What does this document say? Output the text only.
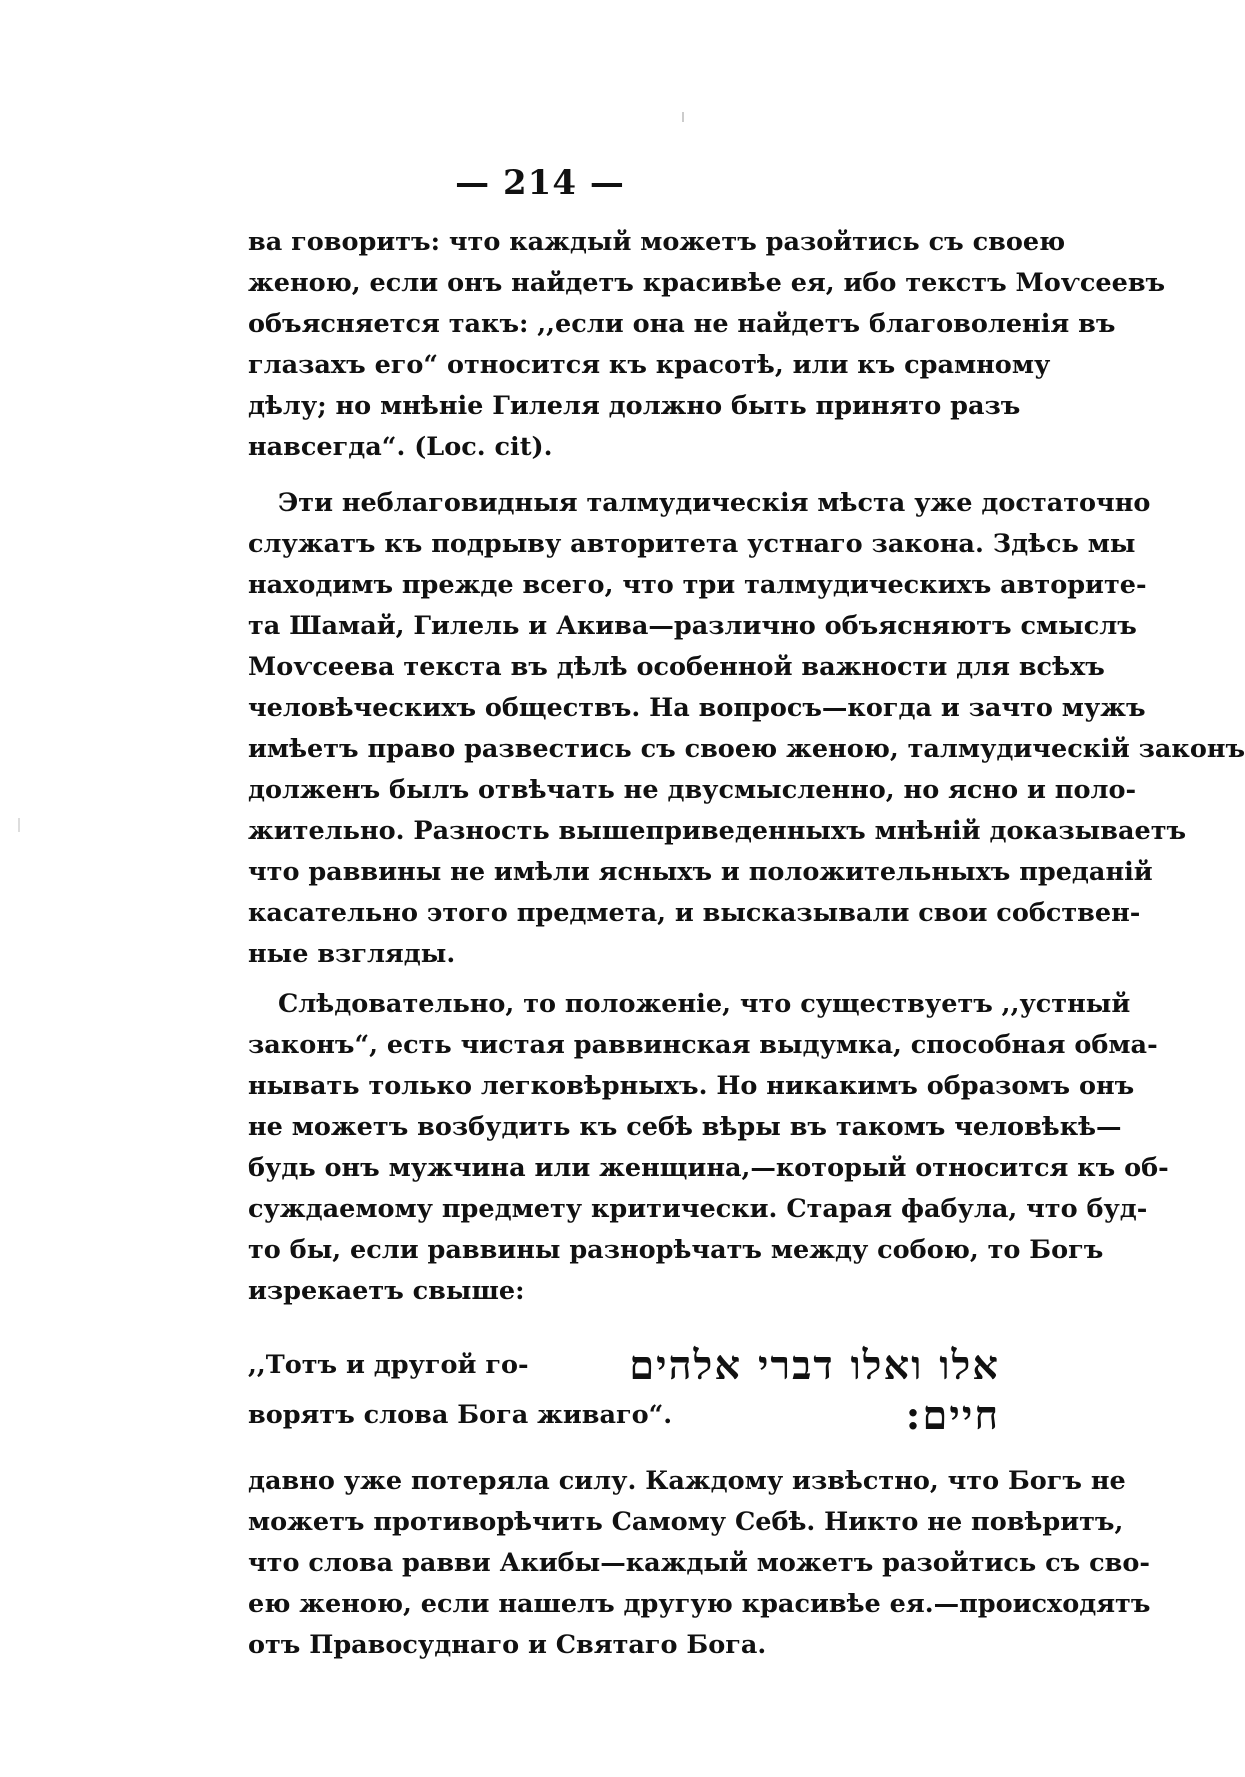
— 214 —
ва говоритъ: что каждый можетъ разойтись съ своею
женою, если онъ найдетъ красивѣе ея, ибо текстъ Моѵсеевъ
объясняется такъ: ,,если она не найдетъ благоволенія въ
глазахъ его“ относится къ красотѣ, или къ срамному
дѣлу; но мнѣніе Гилеля должно быть принято разъ
навсегда“. (Loc. cit).
Эти неблаговидныя талмудическія мѣста уже достаточно
служатъ къ подрыву авторитета устнаго закона. Здѣсь мы
находимъ прежде всего, что три талмудическихъ авторите-
та Шамай, Гилель и Акива—различно объясняютъ смыслъ
Моѵсеева текста въ дѣлѣ особенной важности для всѣхъ
человѣческихъ обществъ. На вопросъ—когда и зачто мужъ
имѣетъ право развестись съ своею женою, талмудическій законъ
долженъ былъ отвѣчать не двусмысленно, но ясно и поло-
жительно. Разность вышеприведенныхъ мнѣній доказываетъ
что раввины не имѣли ясныхъ и положительныхъ преданій
касательно этого предмета, и высказывали свои собствен-
ные взгляды.
Слѣдовательно, то положеніе, что существуетъ ,,устный
законъ“, есть чистая раввинская выдумка, способная обма-
нывать только легковѣрныхъ. Но никакимъ образомъ онъ
не можетъ возбудить къ себѣ вѣры въ такомъ человѣкѣ—
будь онъ мужчина или женщина,—который относится къ об-
суждаемому предмету критически. Старая фабула, что буд-
то бы, если раввины разнорѣчатъ между собою, то Богъ
изрекаетъ свыше:
,,Тотъ и другой го-
ворятъ слова Бога живаго“.
אלו ואלו דברי אלהים
חיים:
давно уже потеряла силу. Каждому извѣстно, что Богъ не
можетъ противорѣчить Самому Себѣ. Никто не повѣритъ,
что слова равви Акибы—каждый можетъ разойтись съ сво-
ею женою, если нашелъ другую красивѣе ея.—происходятъ
отъ Правосуднаго и Святаго Бога.
